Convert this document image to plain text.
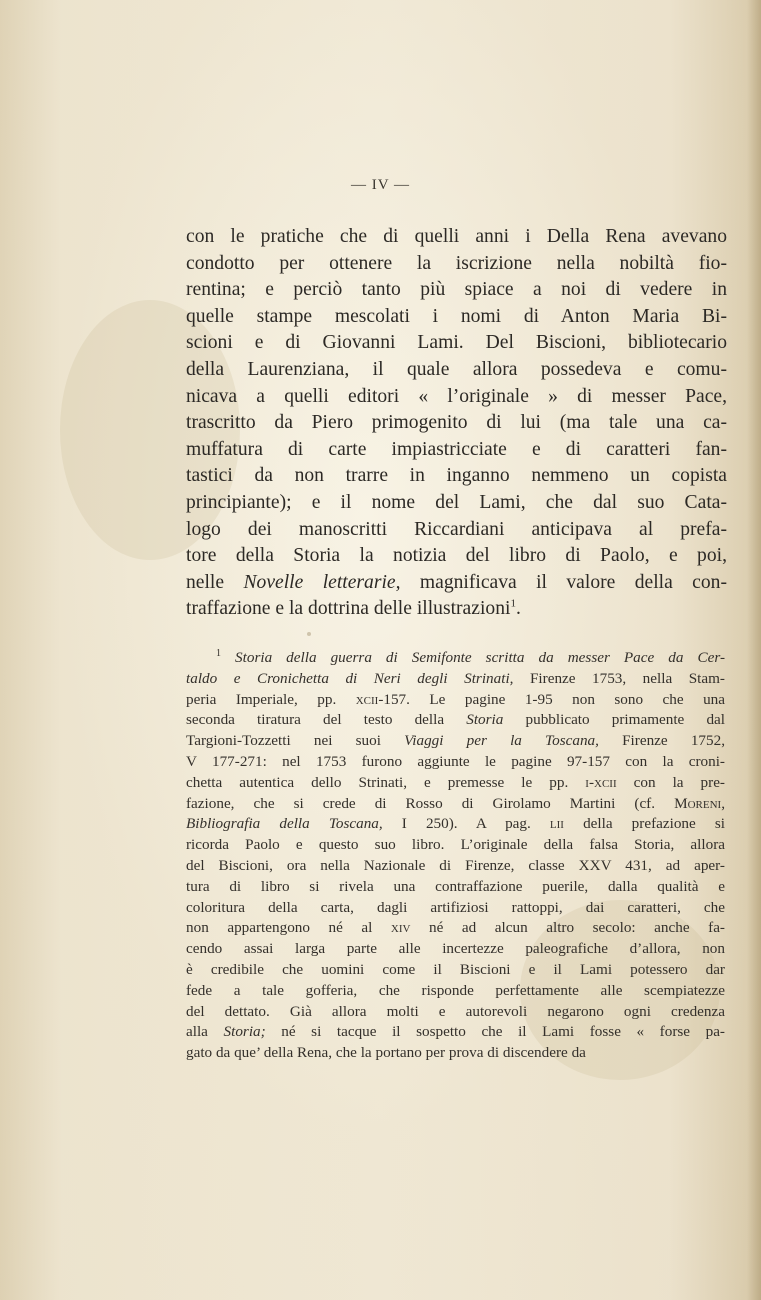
— IV —
con le pratiche che di quelli anni i Della Rena avevano
condotto per ottenere la iscrizione nella nobiltà fio-
rentina; e perciò tanto più spiace a noi di vedere in
quelle stampe mescolati i nomi di Anton Maria Bi-
scioni e di Giovanni Lami. Del Biscioni, bibliotecario
della Laurenziana, il quale allora possedeva e comu-
nicava a quelli editori « l’originale » di messer Pace,
trascritto da Piero primogenito di lui (ma tale una ca-
muffatura di carte impiastricciate e di caratteri fan-
tastici da non trarre in inganno nemmeno un copista
principiante); e il nome del Lami, che dal suo Cata-
logo dei manoscritti Riccardiani anticipava al prefa-
tore della Storia la notizia del libro di Paolo, e poi,
nelle Novelle letterarie, magnificava il valore della con-
traffazione e la dottrina delle illustrazioni$^1$.
$^1$ Storia della guerra di Semifonte scritta da messer Pace da Cer-
taldo e Cronichetta di Neri degli Strinati, Firenze 1753, nella Stam-
peria Imperiale, pp. xcii-157. Le pagine 1-95 non sono che una
seconda tiratura del testo della Storia pubblicato primamente dal
Targioni-Tozzetti nei suoi Viaggi per la Toscana, Firenze 1752,
V 177-271: nel 1753 furono aggiunte le pagine 97-157 con la croni-
chetta autentica dello Strinati, e premesse le pp. i-xcii con la pre-
fazione, che si crede di Rosso di Girolamo Martini (cf. Moreni,
Bibliografia della Toscana, I 250). A pag. lii della prefazione si
ricorda Paolo e questo suo libro. L’originale della falsa Storia, allora
del Biscioni, ora nella Nazionale di Firenze, classe XXV 431, ad aper-
tura di libro si rivela una contraffazione puerile, dalla qualità e
coloritura della carta, dagli artifiziosi rattoppi, dai caratteri, che
non appartengono né al xiv né ad alcun altro secolo: anche fa-
cendo assai larga parte alle incertezze paleografiche d’allora, non
è credibile che uomini come il Biscioni e il Lami potessero dar
fede a tale gofferia, che risponde perfettamente alle scempiatezze
del dettato. Già allora molti e autorevoli negarono ogni credenza
alla Storia; né si tacque il sospetto che il Lami fosse « forse pa-
gato da que’ della Rena, che la portano per prova di discendere da
